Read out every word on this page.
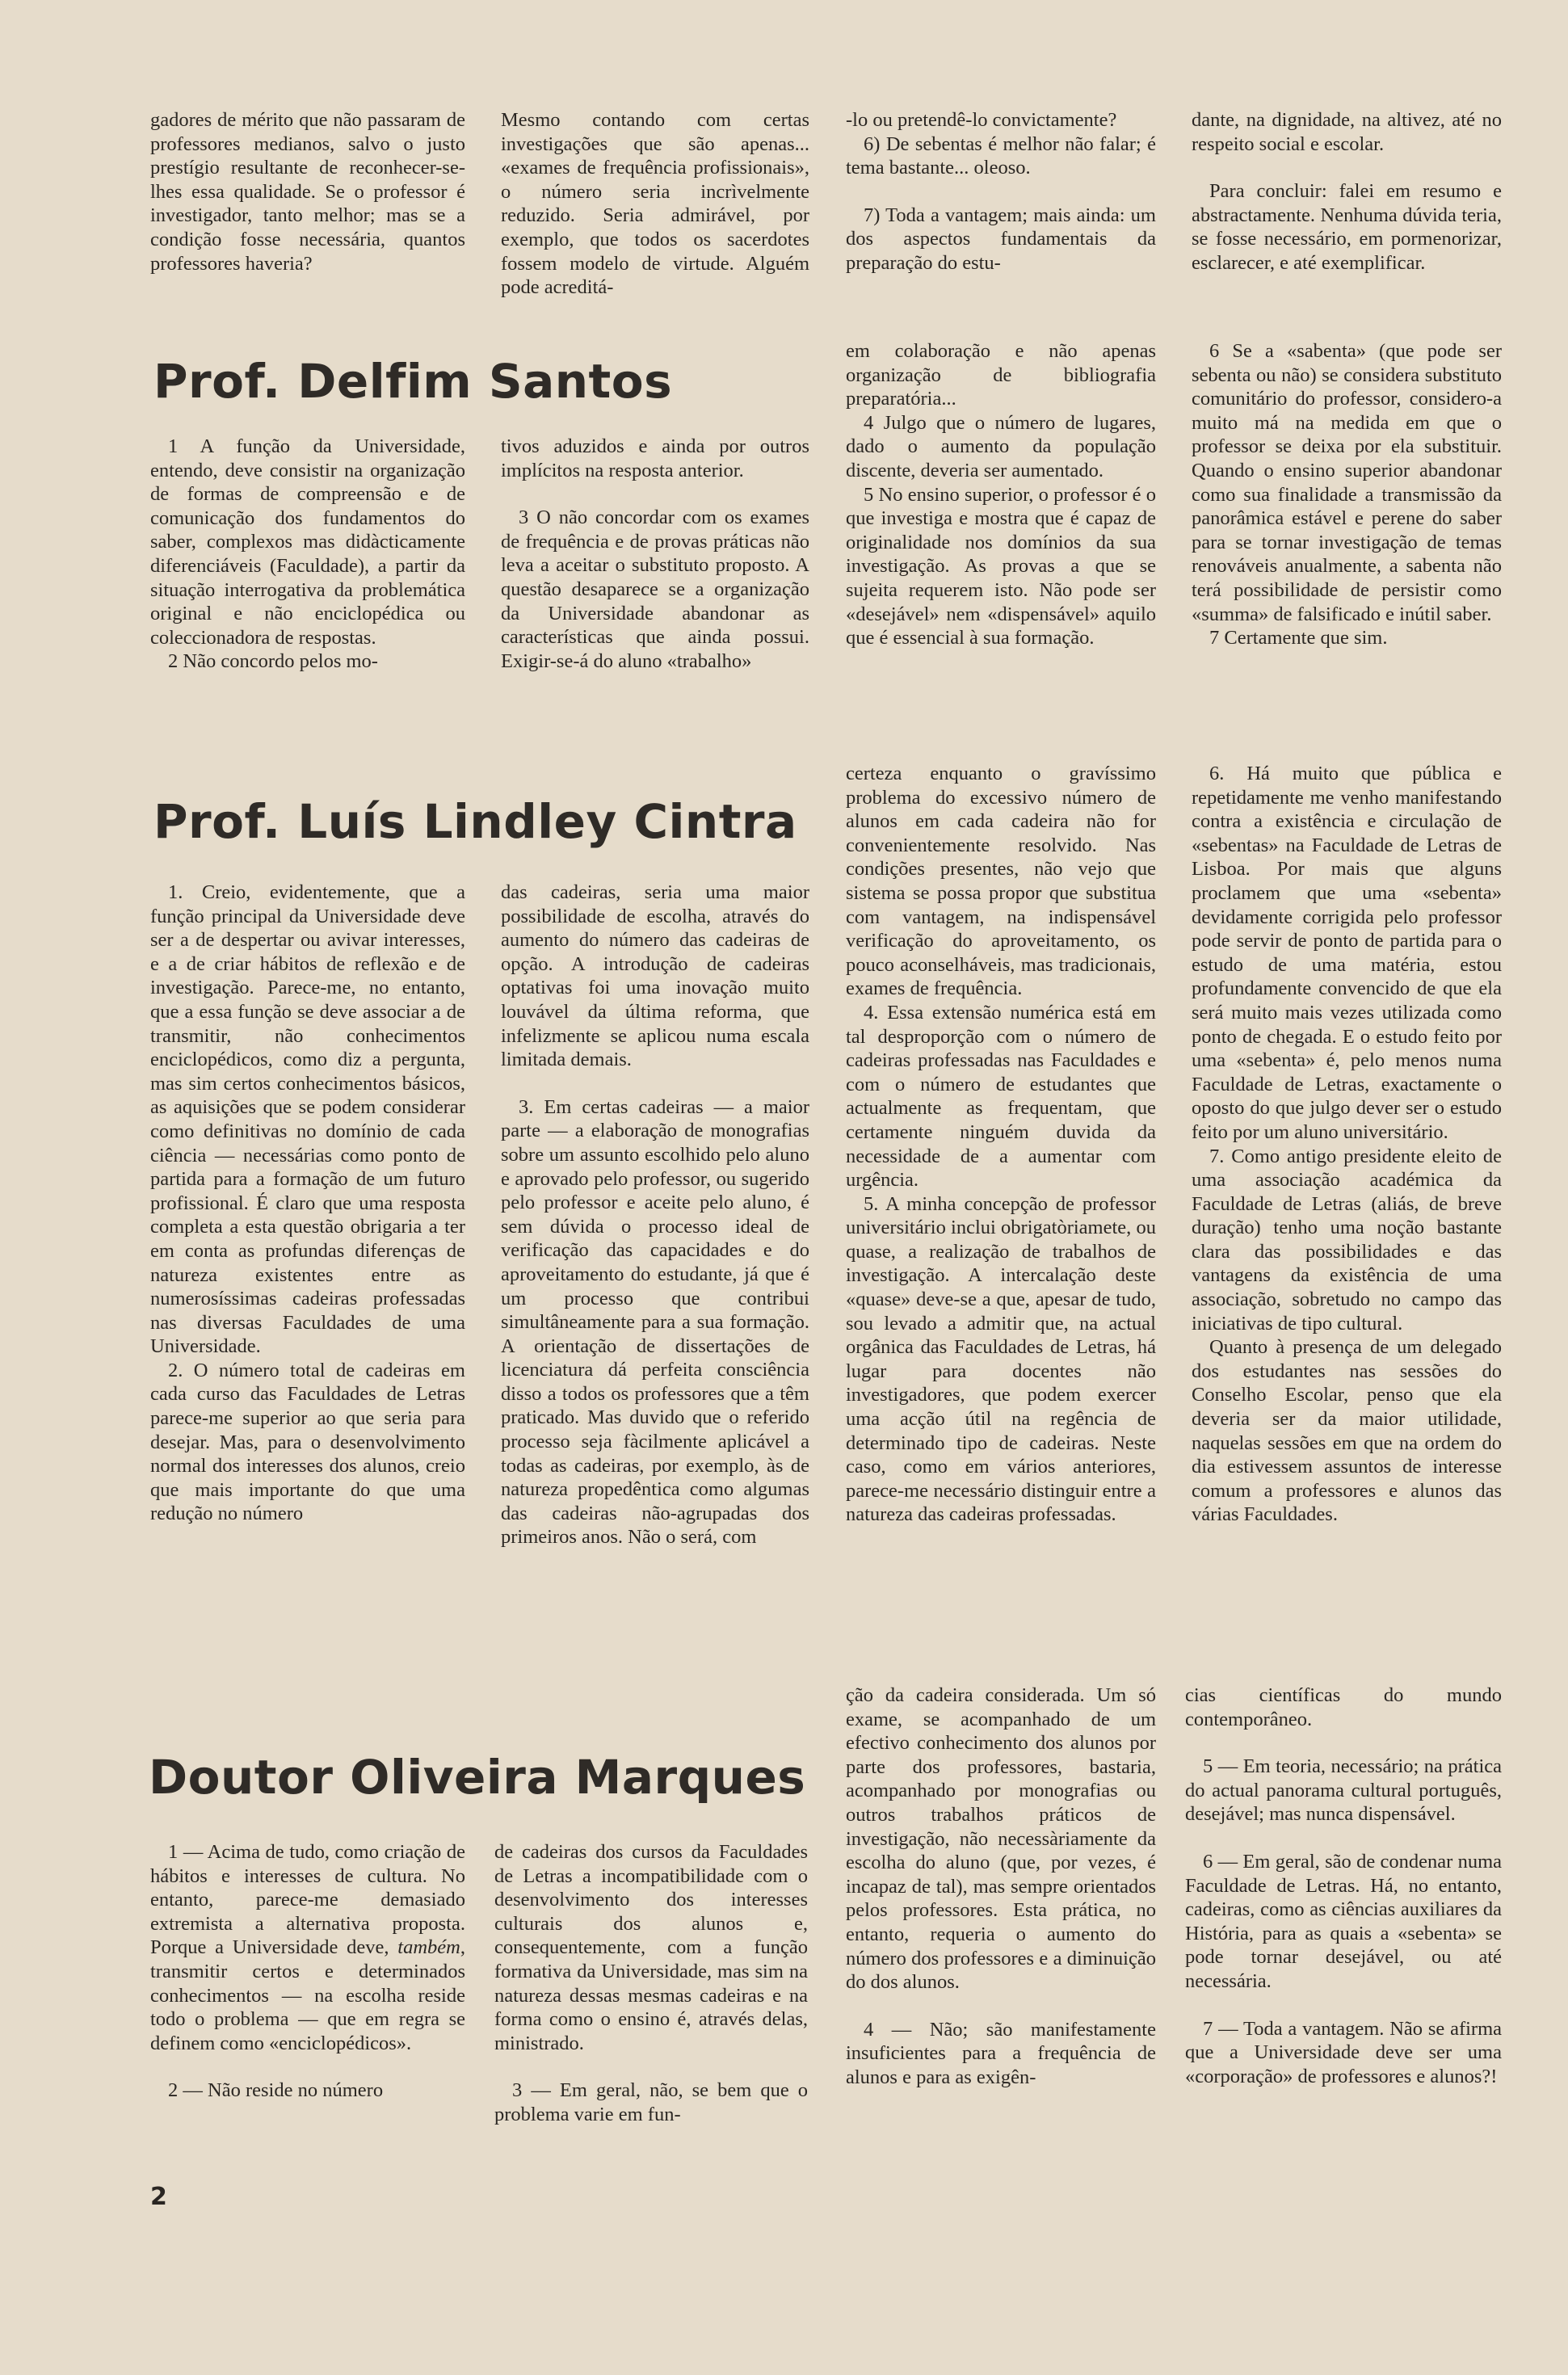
gadores de mérito que não passaram de professores medianos, salvo o justo prestígio resultante de reconhecer-se-lhes essa qualidade. Se o professor é investigador, tanto melhor; mas se a condição fosse necessária, quantos professores haveria?

Mesmo contando com certas investigações que são apenas... «exames de frequência profissionais», o número seria incrìvelmente reduzido. Seria admirável, por exemplo, que todos os sacerdotes fossem modelo de virtude. Alguém pode acreditá-

-lo ou pretendê-lo convictamente?

6) De sebentas é melhor não falar; é tema bastante... oleoso.

7) Toda a vantagem; mais ainda: um dos aspectos fundamentais da preparação do estu-

dante, na dignidade, na altivez, até no respeito social e escolar.

Para concluir: falei em resumo e abstractamente. Nenhuma dúvida teria, se fosse necessário, em pormenorizar, esclarecer, e até exemplificar.

Prof. Delfim Santos

1 A função da Universidade, entendo, deve consistir na organização de formas de compreensão e de comunicação dos fundamentos do saber, complexos mas didàcticamente diferenciáveis (Faculdade), a partir da situação interrogativa da problemática original e não enciclopédica ou coleccionadora de respostas.

2 Não concordo pelos mo-

tivos aduzidos e ainda por outros implícitos na resposta anterior.

3 O não concordar com os exames de frequência e de provas práticas não leva a aceitar o substituto proposto. A questão desaparece se a organização da Universidade abandonar as características que ainda possui. Exigir-se-á do aluno «trabalho»

em colaboração e não apenas organização de bibliografia preparatória...

4 Julgo que o número de lugares, dado o aumento da população discente, deveria ser aumentado.

5 No ensino superior, o professor é o que investiga e mostra que é capaz de originalidade nos domínios da sua investigação. As provas a que se sujeita requerem isto. Não pode ser «desejável» nem «dispensável» aquilo que é essencial à sua formação.

6 Se a «sabenta» (que pode ser sebenta ou não) se considera substituto comunitário do professor, considero-a muito má na medida em que o professor se deixa por ela substituir. Quando o ensino superior abandonar como sua finalidade a transmissão da panorâmica estável e perene do saber para se tornar investigação de temas renováveis anualmente, a sabenta não terá possibilidade de persistir como «summa» de falsificado e inútil saber.

7 Certamente que sim.

Prof. Luís Lindley Cintra

1. Creio, evidentemente, que a função principal da Universidade deve ser a de despertar ou avivar interesses, e a de criar hábitos de reflexão e de investigação. Parece-me, no entanto, que a essa função se deve associar a de transmitir, não conhecimentos enciclopédicos, como diz a pergunta, mas sim certos conhecimentos básicos, as aquisições que se podem considerar como definitivas no domínio de cada ciência — necessárias como ponto de partida para a formação de um futuro profissional. É claro que uma resposta completa a esta questão obrigaria a ter em conta as profundas diferenças de natureza existentes entre as numerosíssimas cadeiras professadas nas diversas Faculdades de uma Universidade.

2. O número total de cadeiras em cada curso das Faculdades de Letras parece-me superior ao que seria para desejar. Mas, para o desenvolvimento normal dos interesses dos alunos, creio que mais importante do que uma redução no número

das cadeiras, seria uma maior possibilidade de escolha, através do aumento do número das cadeiras de opção. A introdução de cadeiras optativas foi uma inovação muito louvável da última reforma, que infelizmente se aplicou numa escala limitada demais.

3. Em certas cadeiras — a maior parte — a elaboração de monografias sobre um assunto escolhido pelo aluno e aprovado pelo professor, ou sugerido pelo professor e aceite pelo aluno, é sem dúvida o processo ideal de verificação das capacidades e do aproveitamento do estudante, já que é um processo que contribui simultâneamente para a sua formação. A orientação de dissertações de licenciatura dá perfeita consciência disso a todos os professores que a têm praticado. Mas duvido que o referido processo seja fàcilmente aplicável a todas as cadeiras, por exemplo, às de natureza propedêntica como algumas das cadeiras não-agrupadas dos primeiros anos. Não o será, com

certeza enquanto o gravíssimo problema do excessivo número de alunos em cada cadeira não for convenientemente resolvido. Nas condições presentes, não vejo que sistema se possa propor que substitua com vantagem, na indispensável verificação do aproveitamento, os pouco aconselháveis, mas tradicionais, exames de frequência.

4. Essa extensão numérica está em tal desproporção com o número de cadeiras professadas nas Faculdades e com o número de estudantes que actualmente as frequentam, que certamente ninguém duvida da necessidade de a aumentar com urgência.

5. A minha concepção de professor universitário inclui obrigatòriamete, ou quase, a realização de trabalhos de investigação. A intercalação deste «quase» deve-se a que, apesar de tudo, sou levado a admitir que, na actual orgânica das Faculdades de Letras, há lugar para docentes não investigadores, que podem exercer uma acção útil na regência de determinado tipo de cadeiras. Neste caso, como em vários anteriores, parece-me necessário distinguir entre a natureza das cadeiras professadas.

6. Há muito que pública e repetidamente me venho manifestando contra a existência e circulação de «sebentas» na Faculdade de Letras de Lisboa. Por mais que alguns proclamem que uma «sebenta» devidamente corrigida pelo professor pode servir de ponto de partida para o estudo de uma matéria, estou profundamente convencido de que ela será muito mais vezes utilizada como ponto de chegada. E o estudo feito por uma «sebenta» é, pelo menos numa Faculdade de Letras, exactamente o oposto do que julgo dever ser o estudo feito por um aluno universitário.

7. Como antigo presidente eleito de uma associação académica da Faculdade de Letras (aliás, de breve duração) tenho uma noção bastante clara das possibilidades e das vantagens da existência de uma associação, sobretudo no campo das iniciativas de tipo cultural.

Quanto à presença de um delegado dos estudantes nas sessões do Conselho Escolar, penso que ela deveria ser da maior utilidade, naquelas sessões em que na ordem do dia estivessem assuntos de interesse comum a professores e alunos das várias Faculdades.

Doutor Oliveira Marques

1 — Acima de tudo, como criação de hábitos e interesses de cultura. No entanto, parece-me demasiado extremista a alternativa proposta. Porque a Universidade deve, também, transmitir certos e determinados conhecimentos — na escolha reside todo o problema — que em regra se definem como «enciclopédicos».

2 — Não reside no número

de cadeiras dos cursos da Faculdades de Letras a incompatibilidade com o desenvolvimento dos interesses culturais dos alunos e, consequentemente, com a função formativa da Universidade, mas sim na natureza dessas mesmas cadeiras e na forma como o ensino é, através delas, ministrado.

3 — Em geral, não, se bem que o problema varie em fun-

ção da cadeira considerada. Um só exame, se acompanhado de um efectivo conhecimento dos alunos por parte dos professores, bastaria, acompanhado por monografias ou outros trabalhos práticos de investigação, não necessàriamente da escolha do aluno (que, por vezes, é incapaz de tal), mas sempre orientados pelos professores. Esta prática, no entanto, requeria o aumento do número dos professores e a diminuição do dos alunos.

4 — Não; são manifestamente insuficientes para a frequência de alunos e para as exigên-

cias científicas do mundo contemporâneo.

5 — Em teoria, necessário; na prática do actual panorama cultural português, desejável; mas nunca dispensável.

6 — Em geral, são de condenar numa Faculdade de Letras. Há, no entanto, cadeiras, como as ciências auxiliares da História, para as quais a «sebenta» se pode tornar desejável, ou até necessária.

7 — Toda a vantagem. Não se afirma que a Universidade deve ser uma «corporação» de professores e alunos?!

2
